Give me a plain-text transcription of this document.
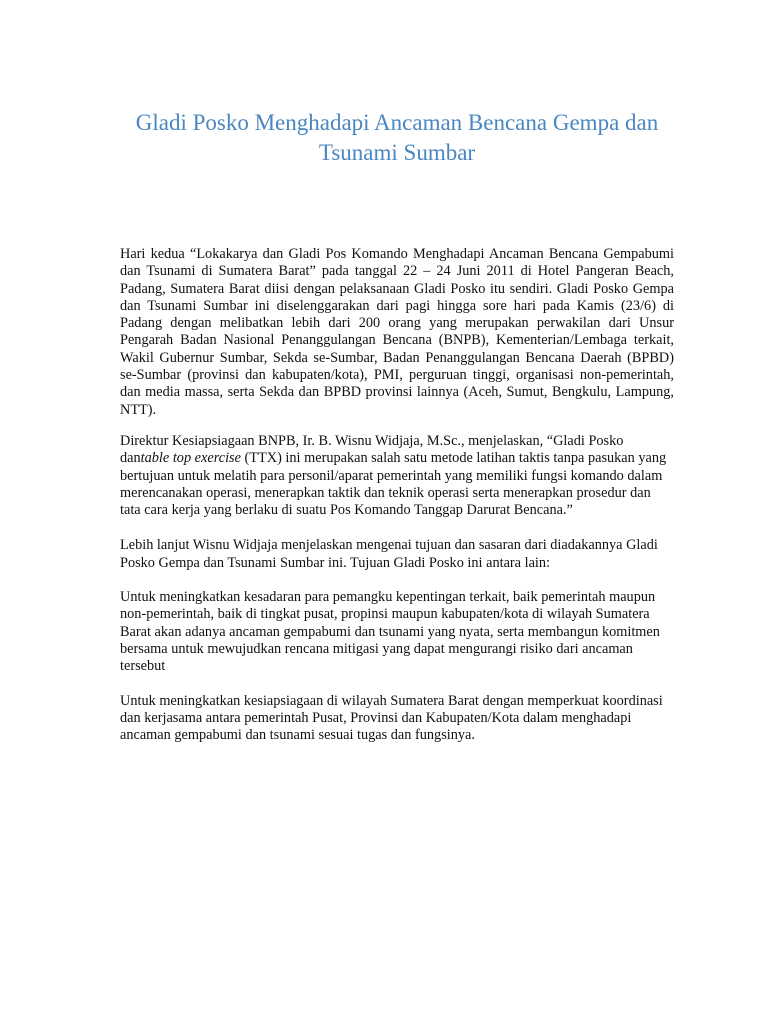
Gladi Posko Menghadapi Ancaman Bencana Gempa dan Tsunami Sumbar

Hari kedua “Lokakarya dan Gladi Pos Komando Menghadapi Ancaman Bencana Gempabumi dan Tsunami di Sumatera Barat” pada tanggal 22 – 24 Juni 2011 di Hotel Pangeran Beach, Padang, Sumatera Barat diisi dengan pelaksanaan Gladi Posko itu sendiri. Gladi Posko Gempa dan Tsunami Sumbar ini diselenggarakan dari pagi hingga sore hari pada Kamis (23/6) di Padang dengan melibatkan lebih dari 200 orang yang merupakan perwakilan dari Unsur Pengarah Badan Nasional Penanggulangan Bencana (BNPB), Kementerian/Lembaga terkait, Wakil Gubernur Sumbar, Sekda se-Sumbar, Badan Penanggulangan Bencana Daerah (BPBD) se-Sumbar (provinsi dan kabupaten/kota), PMI, perguruan tinggi, organisasi non-pemerintah, dan media massa, serta Sekda dan BPBD provinsi lainnya (Aceh, Sumut, Bengkulu, Lampung, NTT).

Direktur Kesiapsiagaan BNPB, Ir. B. Wisnu Widjaja, M.Sc., menjelaskan, “Gladi Posko dantable top exercise (TTX) ini merupakan salah satu metode latihan taktis tanpa pasukan yang bertujuan untuk melatih para personil/aparat pemerintah yang memiliki fungsi komando dalam merencanakan operasi, menerapkan taktik dan teknik operasi serta menerapkan prosedur dan tata cara kerja yang berlaku di suatu Pos Komando Tanggap Darurat Bencana.”

Lebih lanjut Wisnu Widjaja menjelaskan mengenai tujuan dan sasaran dari diadakannya Gladi Posko Gempa dan Tsunami Sumbar ini. Tujuan Gladi Posko ini antara lain:

Untuk meningkatkan kesadaran para pemangku kepentingan terkait, baik pemerintah maupun non-pemerintah, baik di tingkat pusat, propinsi maupun kabupaten/kota di wilayah Sumatera Barat akan adanya ancaman gempabumi dan tsunami yang nyata, serta membangun komitmen bersama untuk mewujudkan rencana mitigasi yang dapat mengurangi risiko dari ancaman tersebut

Untuk meningkatkan kesiapsiagaan di wilayah Sumatera Barat dengan memperkuat koordinasi dan kerjasama antara pemerintah Pusat, Provinsi dan Kabupaten/Kota dalam menghadapi ancaman gempabumi dan tsunami sesuai tugas dan fungsinya.
